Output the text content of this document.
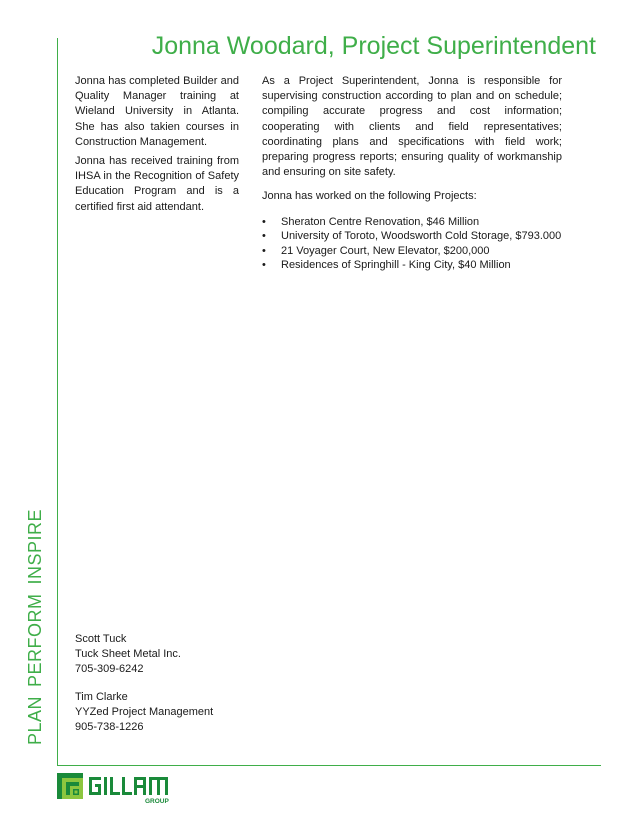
PLANPERFORMINSPIRE
Jonna Woodard, Project Superintendent

Jonna has completed Builder and Quality Manager training at Wieland University in Atlanta. She has also takien courses in Construction Management.

Jonna has received training from IHSA in the Recognition of Safety Education Program and is a certified first aid attendant.

As a Project Superintendent, Jonna is responsible for supervising construction according to plan and on schedule; compiling accurate progress and cost information; cooperating with clients and field representatives; coordinating plans and specifications with field work; preparing progress reports; ensuring quality of workmanship and ensuring on site safety.

Jonna has worked on the following Projects:

• Sheraton Centre Renovation, $46 Million
• University of Toroto, Woodsworth Cold Storage, $793.000
• 21 Voyager Court, New Elevator, $200,000
• Residences of Springhill - King City, $40 Million
Scott Tuck
Tuck Sheet Metal Inc.
705-309-6242
Tim Clarke
YYZed Project Management
905-738-1226
GROUP
